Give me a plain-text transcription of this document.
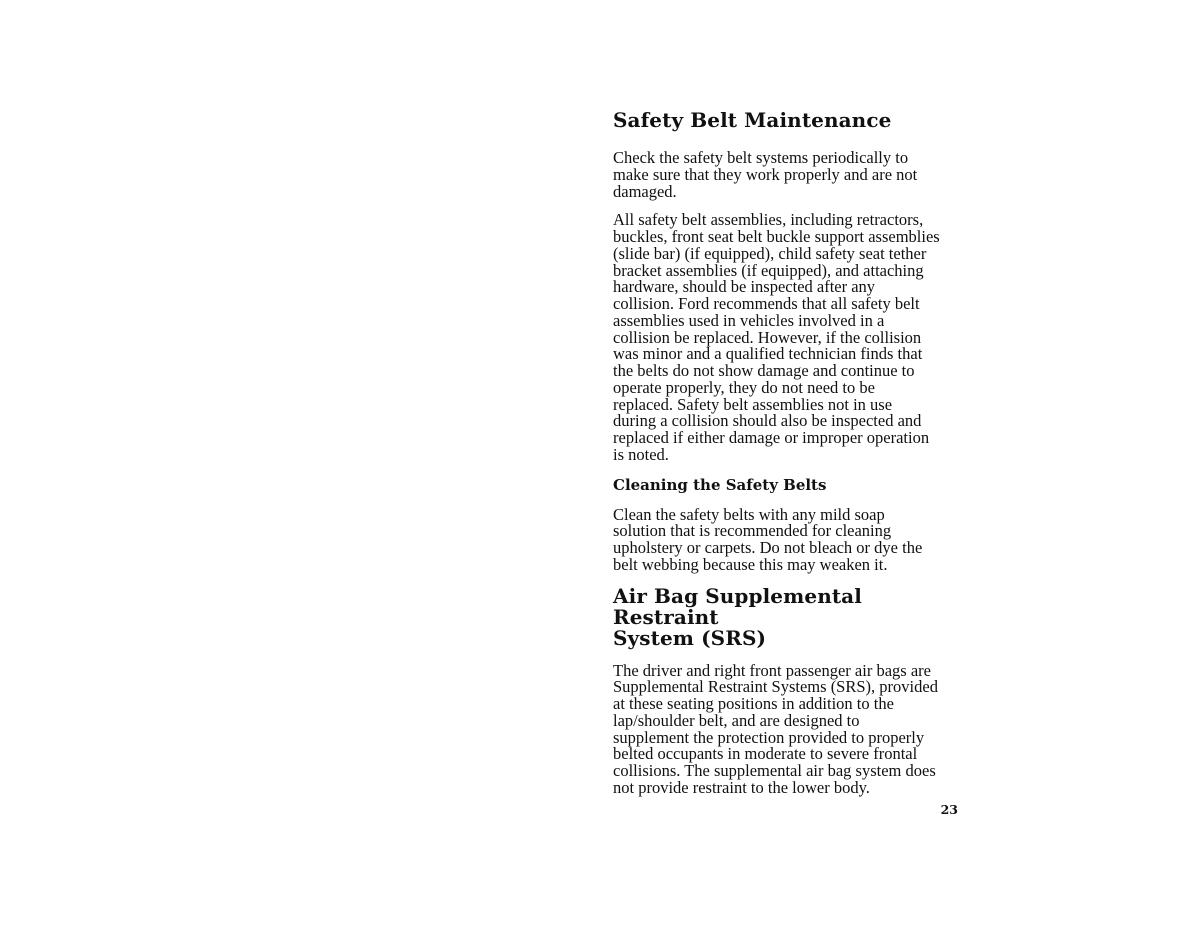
Safety Belt Maintenance

Check the safety belt systems periodically to
make sure that they work properly and are not
damaged.

All safety belt assemblies, including retractors,
buckles, front seat belt buckle support assemblies
(slide bar) (if equipped), child safety seat tether
bracket assemblies (if equipped), and attaching
hardware, should be inspected after any
collision. Ford recommends that all safety belt
assemblies used in vehicles involved in a
collision be replaced. However, if the collision
was minor and a qualified technician finds that
the belts do not show damage and continue to
operate properly, they do not need to be
replaced. Safety belt assemblies not in use
during a collision should also be inspected and
replaced if either damage or improper operation
is noted.

Cleaning the Safety Belts

Clean the safety belts with any mild soap
solution that is recommended for cleaning
upholstery or carpets. Do not bleach or dye the
belt webbing because this may weaken it.

Air Bag Supplemental Restraint
System (SRS)

The driver and right front passenger air bags are
Supplemental Restraint Systems (SRS), provided
at these seating positions in addition to the
lap/shoulder belt, and are designed to
supplement the protection provided to properly
belted occupants in moderate to severe frontal
collisions. The supplemental air bag system does
not provide restraint to the lower body.

23
